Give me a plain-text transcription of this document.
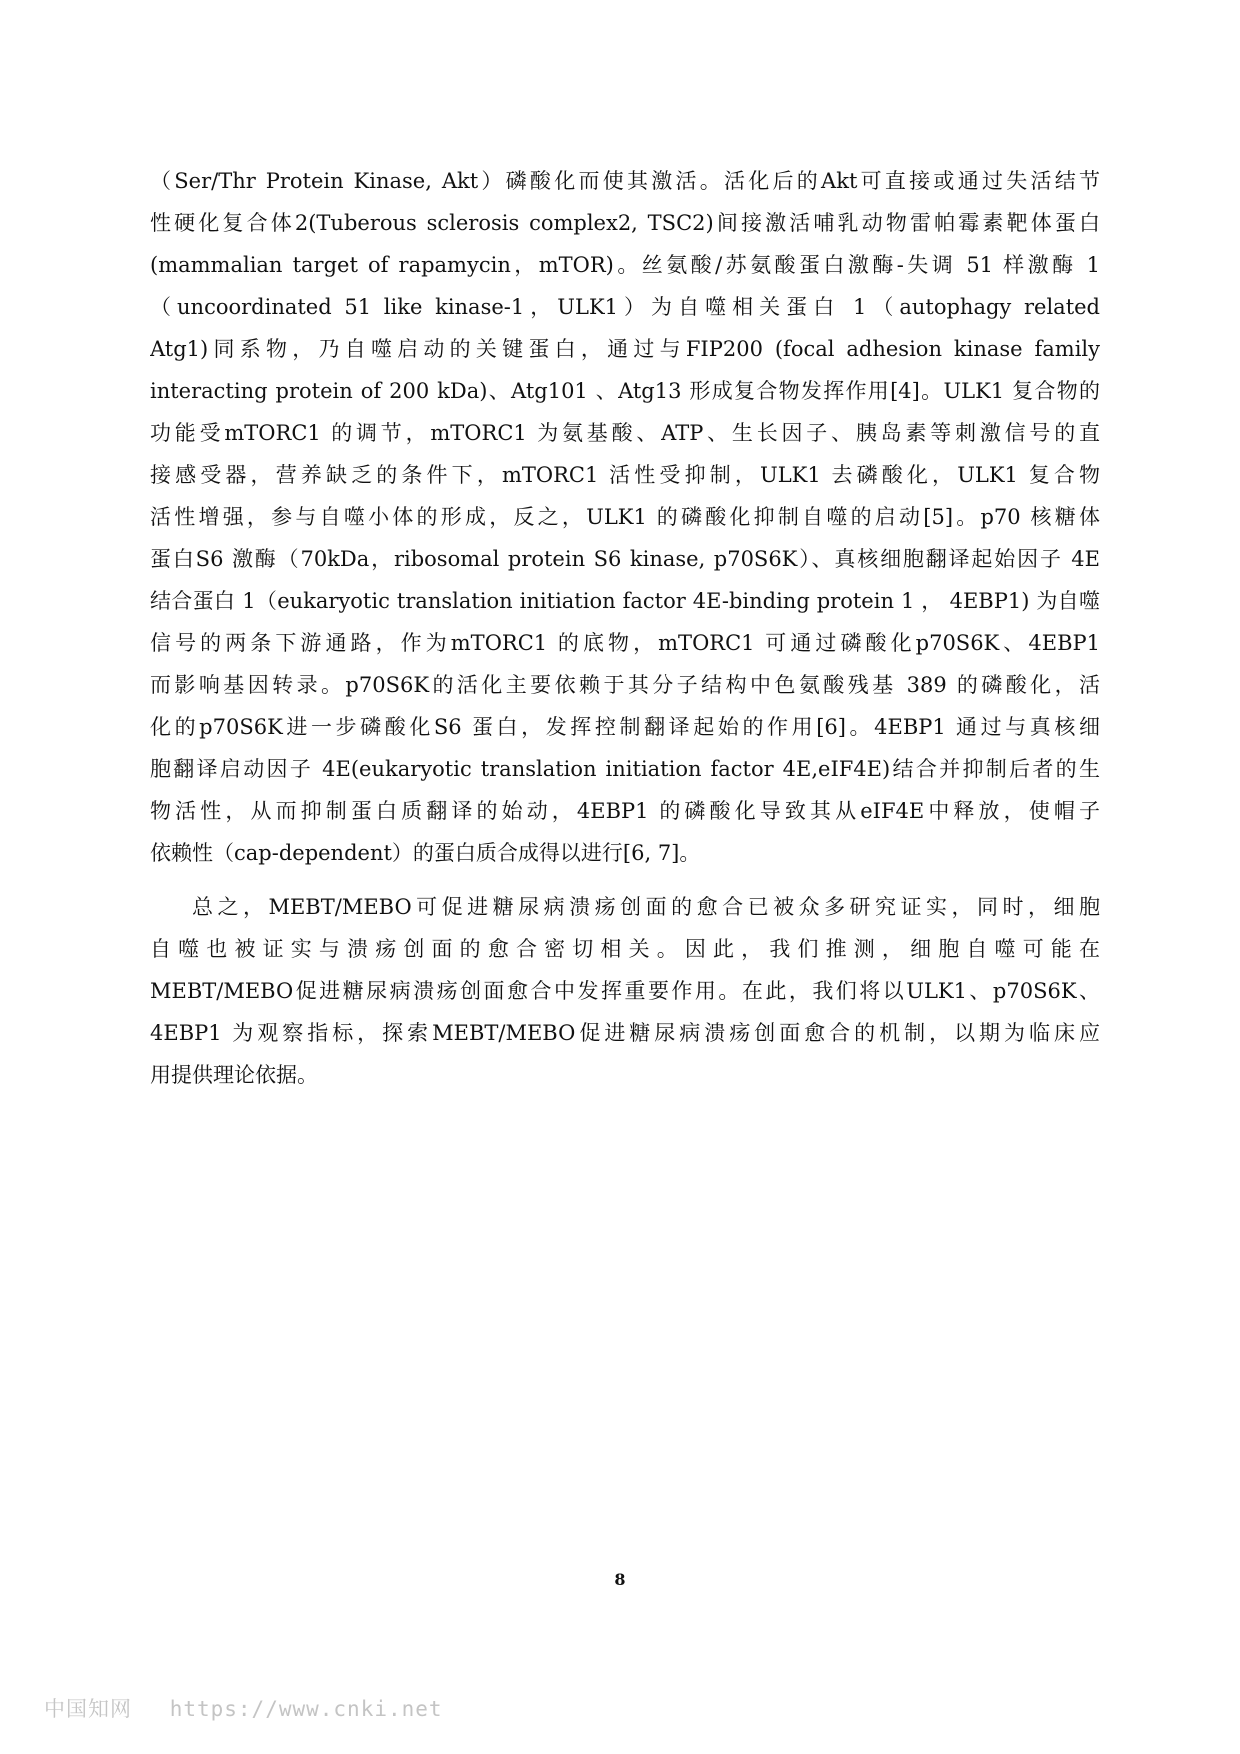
（Ser/Thr Protein Kinase, Akt）磷酸化而使其激活。活化后的Akt可直接或通过失活结节
性硬化复合体2(Tuberous sclerosis complex2, TSC2)间接激活哺乳动物雷帕霉素靶体蛋白
(mammalian target of rapamycin，mTOR)。丝氨酸/苏氨酸蛋白激酶-失调 51 样激酶 1
（uncoordinated 51 like kinase-1，ULK1）为自噬相关蛋白 1（autophagy related
Atg1)同系物，乃自噬启动的关键蛋白，通过与FIP200 (focal adhesion kinase family
interacting protein of 200 kDa)、Atg101 、Atg13 形成复合物发挥作用[4]。ULK1 复合物的
功能受mTORC1 的调节，mTORC1 为氨基酸、ATP、生长因子、胰岛素等刺激信号的直
接感受器，营养缺乏的条件下，mTORC1 活性受抑制，ULK1 去磷酸化，ULK1 复合物
活性增强，参与自噬小体的形成，反之，ULK1 的磷酸化抑制自噬的启动[5]。p70 核糖体
蛋白S6 激酶（70kDa，ribosomal protein S6 kinase, p70S6K）、真核细胞翻译起始因子 4E
结合蛋白 1（eukaryotic translation initiation factor 4E-binding protein 1 ， 4EBP1) 为自噬
信号的两条下游通路，作为mTORC1 的底物，mTORC1 可通过磷酸化p70S6K、4EBP1
而影响基因转录。p70S6K的活化主要依赖于其分子结构中色氨酸残基 389 的磷酸化，活
化的p70S6K进一步磷酸化S6 蛋白，发挥控制翻译起始的作用[6]。4EBP1 通过与真核细
胞翻译启动因子 4E(eukaryotic translation initiation factor 4E,eIF4E)结合并抑制后者的生
物活性，从而抑制蛋白质翻译的始动，4EBP1 的磷酸化导致其从eIF4E中释放，使帽子
依赖性（cap-dependent）的蛋白质合成得以进行[6, 7]。
总之，MEBT/MEBO可促进糖尿病溃疡创面的愈合已被众多研究证实，同时，细胞
自噬也被证实与溃疡创面的愈合密切相关。因此，我们推测，细胞自噬可能在
MEBT/MEBO促进糖尿病溃疡创面愈合中发挥重要作用。在此，我们将以ULK1、p70S6K、
4EBP1 为观察指标，探索MEBT/MEBO促进糖尿病溃疡创面愈合的机制，以期为临床应
用提供理论依据。
8
中国知网 https://www.cnki.net
